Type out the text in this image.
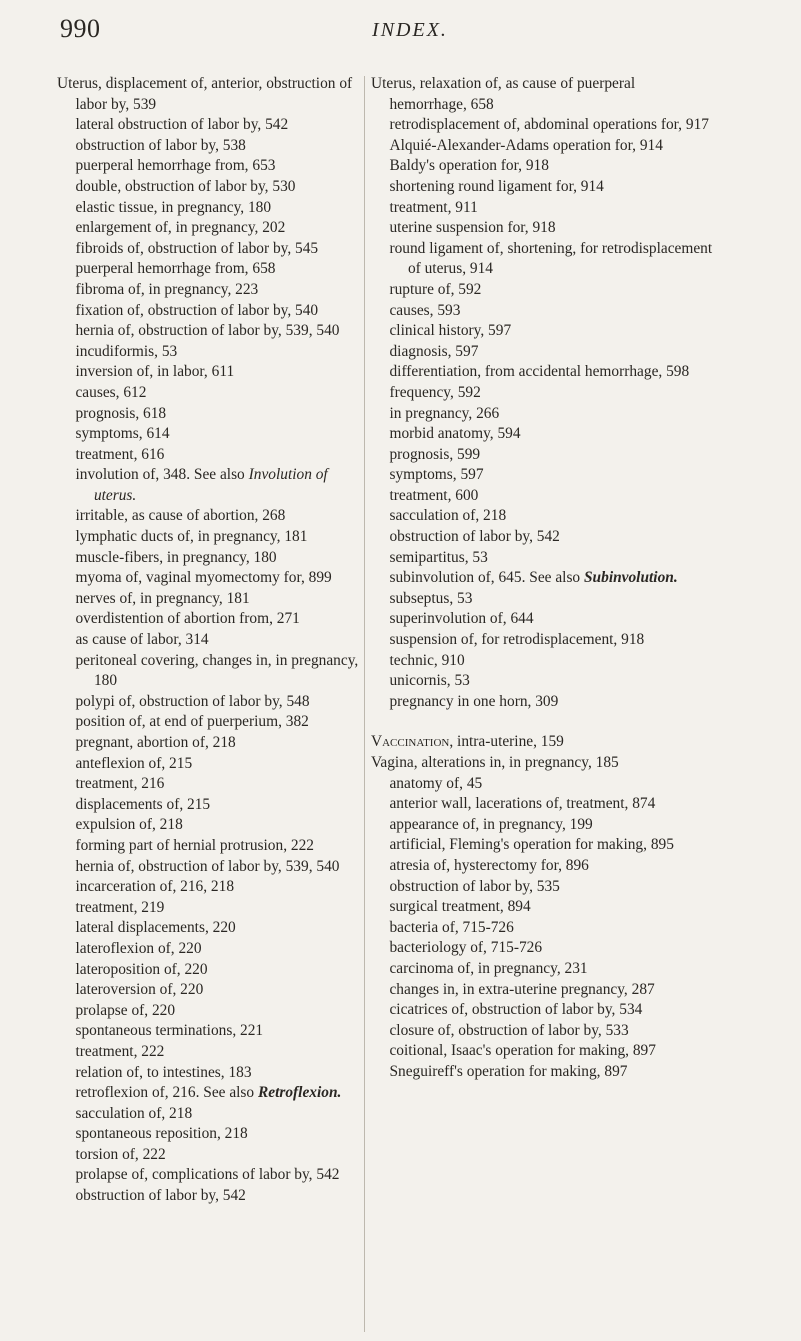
990	INDEX.

Uterus, displacement of, anterior, obstruction of labor by, 539

lateral obstruction of labor by, 542

obstruction of labor by, 538

puerperal hemorrhage from, 653

double, obstruction of labor by, 530

elastic tissue, in pregnancy, 180

enlargement of, in pregnancy, 202

fibroids of, obstruction of labor by, 545

puerperal hemorrhage from, 658

fibroma of, in pregnancy, 223

fixation of, obstruction of labor by, 540

hernia of, obstruction of labor by, 539, 540

incudiformis, 53

inversion of, in labor, 611

causes, 612

prognosis, 618

symptoms, 614

treatment, 616

involution of, 348. See also Involution of uterus.

irritable, as cause of abortion, 268

lymphatic ducts of, in pregnancy, 181

muscle-fibers, in pregnancy, 180

myoma of, vaginal myomectomy for, 899

nerves of, in pregnancy, 181

overdistention of abortion from, 271

as cause of labor, 314

peritoneal covering, changes in, in pregnancy, 180

polypi of, obstruction of labor by, 548

position of, at end of puerperium, 382

pregnant, abortion of, 218

anteflexion of, 215

treatment, 216

displacements of, 215

expulsion of, 218

forming part of hernial protrusion, 222

hernia of, obstruction of labor by, 539, 540

incarceration of, 216, 218

treatment, 219

lateral displacements, 220

lateroflexion of, 220

lateroposition of, 220

lateroversion of, 220

prolapse of, 220

spontaneous terminations, 221

treatment, 222

relation of, to intestines, 183

retroflexion of, 216. See also Retroflexion.

sacculation of, 218

spontaneous reposition, 218

torsion of, 222

prolapse of, complications of labor by, 542

obstruction of labor by, 542

Uterus, relaxation of, as cause of puerperal hemorrhage, 658

retrodisplacement of, abdominal operations for, 917

Alquié-Alexander-Adams operation for, 914

Baldy's operation for, 918

shortening round ligament for, 914

treatment, 911

uterine suspension for, 918

round ligament of, shortening, for retrodisplacement of uterus, 914

rupture of, 592

causes, 593

clinical history, 597

diagnosis, 597

differentiation, from accidental hemorrhage, 598

frequency, 592

in pregnancy, 266

morbid anatomy, 594

prognosis, 599

symptoms, 597

treatment, 600

sacculation of, 218

obstruction of labor by, 542

semipartitus, 53

subinvolution of, 645. See also Subinvolution.

subseptus, 53

superinvolution of, 644

suspension of, for retrodisplacement, 918

technic, 910

unicornis, 53

pregnancy in one horn, 309

Vaccination, intra-uterine, 159

Vagina, alterations in, in pregnancy, 185

anatomy of, 45

anterior wall, lacerations of, treatment, 874

appearance of, in pregnancy, 199

artificial, Fleming's operation for making, 895

atresia of, hysterectomy for, 896

obstruction of labor by, 535

surgical treatment, 894

bacteria of, 715-726

bacteriology of, 715-726

carcinoma of, in pregnancy, 231

changes in, in extra-uterine pregnancy, 287

cicatrices of, obstruction of labor by, 534

closure of, obstruction of labor by, 533

coitional, Isaac's operation for making, 897

Sneguireff's operation for making, 897
